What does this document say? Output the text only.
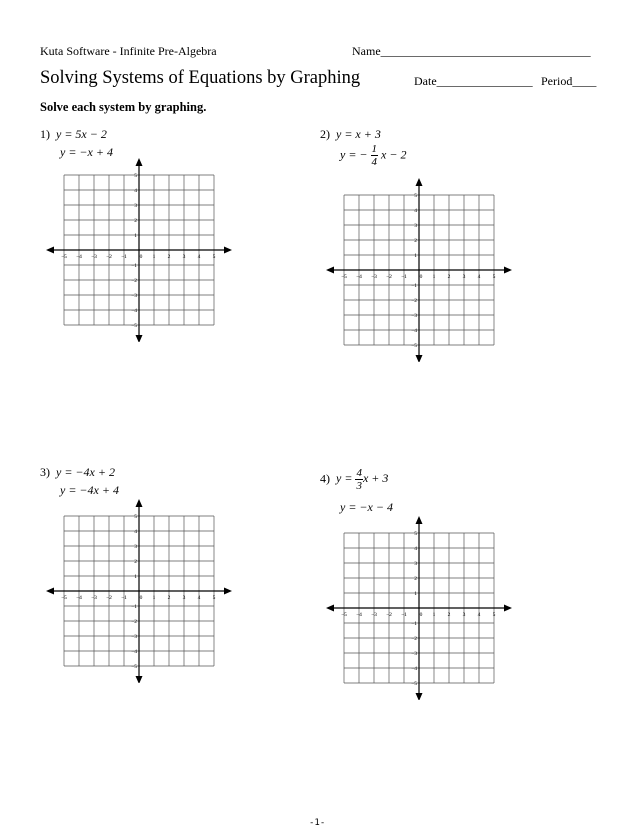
Kuta Software - Infinite Pre-Algebra	Name___________________________________
Solving Systems of Equations by Graphing	Date________________ Period____
Solve each system by graphing.
1) y = 5x − 2
y = −x + 4
2) y = x + 3
y = − $\frac{1}{4}$ x − 2
3) y = −4x + 2
y = −4x + 4
4) $y = \frac{4}{3}$ x + 3
y = −x − 4
−5 −4 −3 −2 −1 0 1 2 3 4 5
5
4
3
2
1
−1
−2
−3
−4
−5
−5 −4 −3 −2 −1 0 1 2 3 4 5
5
4
3
2
1
−1
−2
−3
−4
−5
−5 −4 −3 −2 −1 0 1 2 3 4 5
5
4
3
2
1
−1
−2
−3
−4
−5
−5 −4 −3 −2 −1 0 1 2 3 4 5
5
4
3
2
1
−1
−2
−3
−4
−5
-1-
